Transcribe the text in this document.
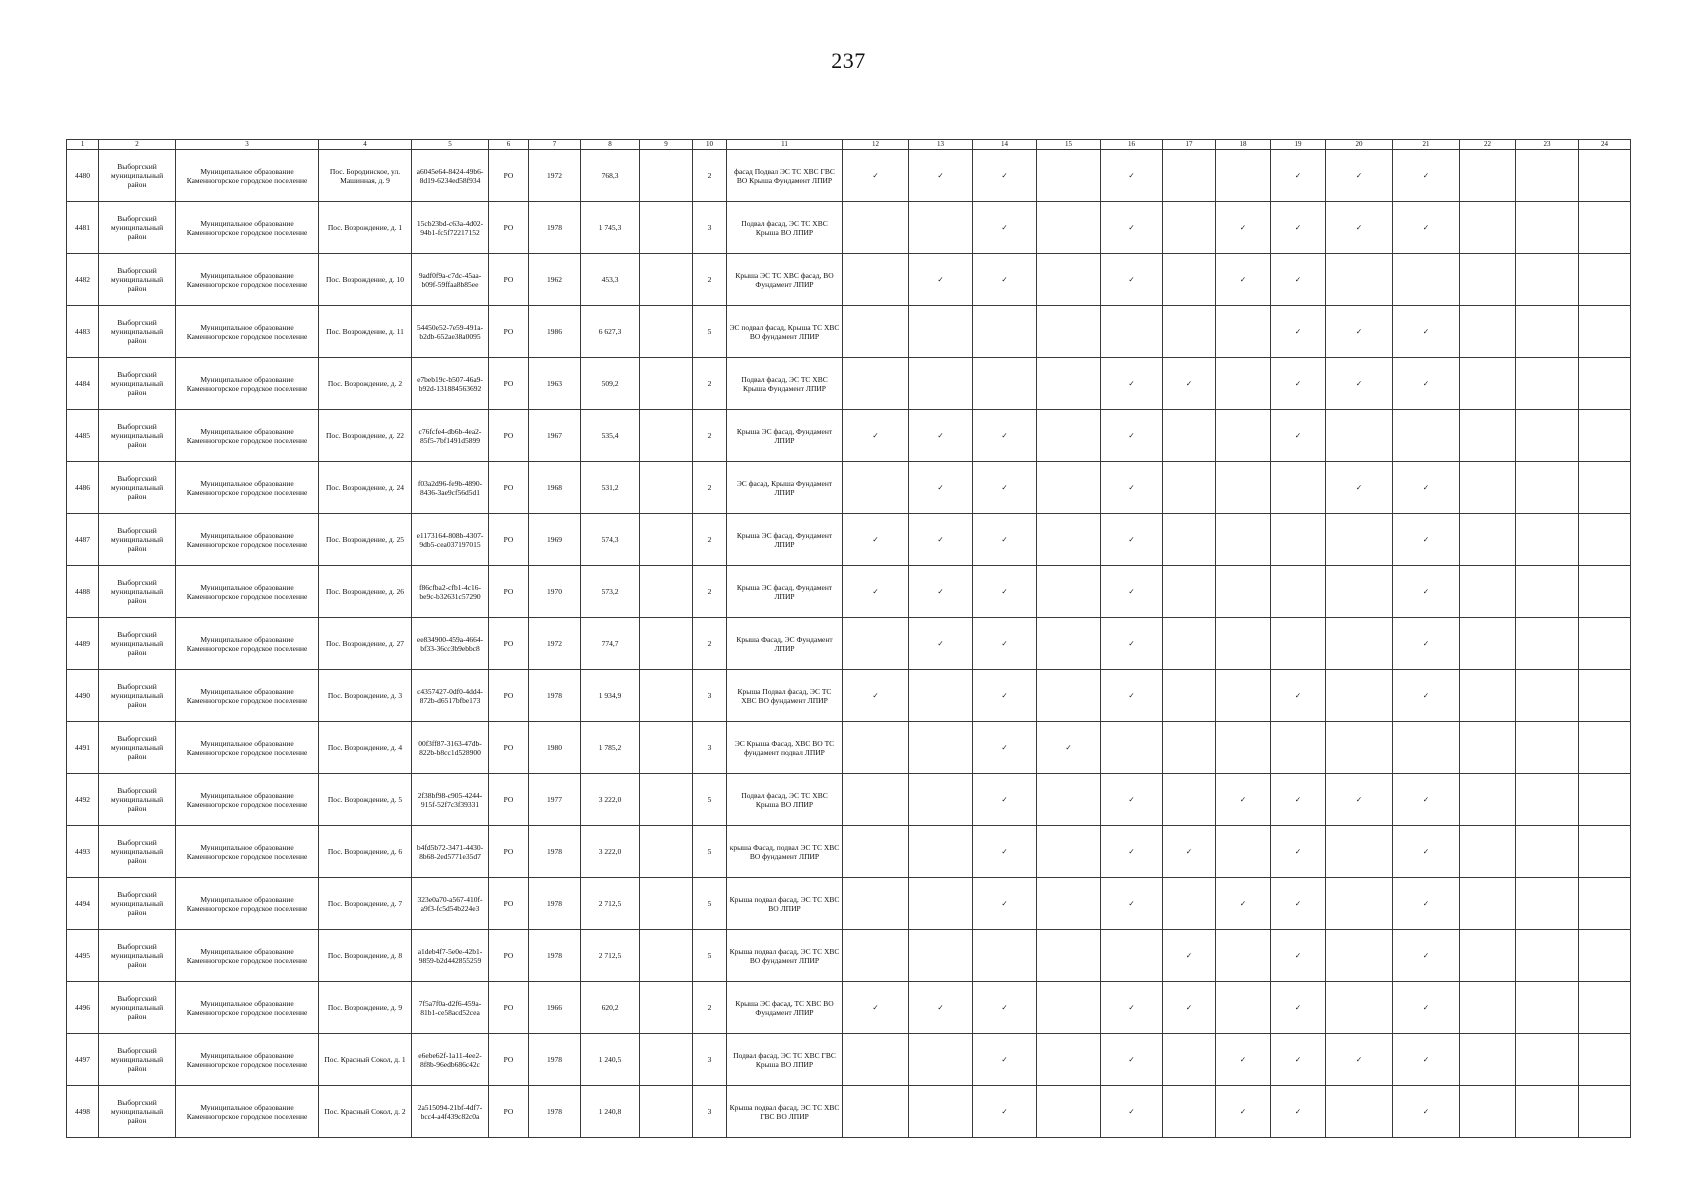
237
1	2	3	4	5	6	7	8	9	10	11	12	13	14	15	16	17	18	19	20	21	22	23	24
4480	Выборгский муниципальный район	Муниципальное образование Каменногорское городское поселение	Пос. Бородинское, ул. Машинная, д. 9	a6045e64-8424-49b6-8d19-6234ed58f934	РО	1972	768,3		2	фасад Подвал ЭС ТС ХВС ГВС ВО Крыша Фундамент ЛПИР	✓	✓	✓		✓			✓	✓	✓			
4481	Выборгский муниципальный район	Муниципальное образование Каменногорское городское поселение	Пос. Возрождение, д. 1	15cb23bd-c63a-4d02-94b1-fc5f72217152	РО	1978	1 745,3		3	Подвал фасад, ЭС ТС ХВС Крыша ВО ЛПИР			✓		✓		✓	✓	✓	✓			
4482	Выборгский муниципальный район	Муниципальное образование Каменногорское городское поселение	Пос. Возрождение, д. 10	9adf0f9a-c7dc-45aa-b09f-59ffaa8b85ee	РО	1962	453,3		2	Крыша ЭС ТС ХВС фасад, ВО Фундамент ЛПИР		✓	✓		✓		✓	✓					
4483	Выборгский муниципальный район	Муниципальное образование Каменногорское городское поселение	Пос. Возрождение, д. 11	54450e52-7e59-491a-b2db-652ae38a0095	РО	1986	6 627,3		5	ЭС подвал фасад, Крыша ТС ХВС ВО фундамент ЛПИР								✓	✓	✓			
4484	Выборгский муниципальный район	Муниципальное образование Каменногорское городское поселение	Пос. Возрождение, д. 2	e7beb19c-b507-46a9-b92d-131884563692	РО	1963	509,2		2	Подвал фасад, ЭС ТС ХВС Крыша Фундамент ЛПИР					✓	✓		✓	✓	✓			
4485	Выборгский муниципальный район	Муниципальное образование Каменногорское городское поселение	Пос. Возрождение, д. 22	c76fcfe4-db6b-4ea2-85f5-7bf1491d5899	РО	1967	535,4		2	Крыша ЭС фасад, Фундамент ЛПИР	✓	✓	✓		✓			✓					
4486	Выборгский муниципальный район	Муниципальное образование Каменногорское городское поселение	Пос. Возрождение, д. 24	f03a2d96-fe9b-4890-8436-3ae9cf56d5d1	РО	1968	531,2		2	ЭС фасад, Крыша Фундамент ЛПИР		✓	✓		✓				✓	✓			
4487	Выборгский муниципальный район	Муниципальное образование Каменногорское городское поселение	Пос. Возрождение, д. 25	e1173164-808b-4307-9db5-cea037197015	РО	1969	574,3		2	Крыша ЭС фасад, Фундамент ЛПИР	✓	✓	✓		✓					✓			
4488	Выборгский муниципальный район	Муниципальное образование Каменногорское городское поселение	Пос. Возрождение, д. 26	f86cfba2-cfb1-4c16-be9c-b32631c57290	РО	1970	573,2		2	Крыша ЭС фасад, Фундамент ЛПИР	✓	✓	✓		✓					✓			
4489	Выборгский муниципальный район	Муниципальное образование Каменногорское городское поселение	Пос. Возрождение, д. 27	ee834900-459a-4664-bf33-36cc3b9ebbc8	РО	1972	774,7		2	Крыша Фасад, ЭС Фундамент ЛПИР		✓	✓		✓					✓			
4490	Выборгский муниципальный район	Муниципальное образование Каменногорское городское поселение	Пос. Возрождение, д. 3	c4357427-0df0-4dd4-872b-d6517bfbe173	РО	1978	1 934,9		3	Крыша Подвал фасад, ЭС ТС ХВС ВО фундамент ЛПИР	✓		✓		✓			✓		✓			
4491	Выборгский муниципальный район	Муниципальное образование Каменногорское городское поселение	Пос. Возрождение, д. 4	00f3ff87-3163-47db-822b-b8cc1d528900	РО	1980	1 785,2		3	ЭС Крыша Фасад, ХВС ВО ТС фундамент подвал ЛПИР			✓	✓									
4492	Выборгский муниципальный район	Муниципальное образование Каменногорское городское поселение	Пос. Возрождение, д. 5	2f38bf98-c905-4244-915f-52f7c3f39331	РО	1977	3 222,0		5	Подвал фасад, ЭС ТС ХВС Крыша ВО ЛПИР			✓		✓		✓	✓	✓	✓			
4493	Выборгский муниципальный район	Муниципальное образование Каменногорское городское поселение	Пос. Возрождение, д. 6	b4fd5b72-3471-4430-8b68-2ed5771e35d7	РО	1978	3 222,0		5	крыша Фасад, подвал ЭС ТС ХВС ВО фундамент ЛПИР			✓		✓	✓		✓		✓			
4494	Выборгский муниципальный район	Муниципальное образование Каменногорское городское поселение	Пос. Возрождение, д. 7	323e0a70-a567-410f-a9f3-fc5d54b224e3	РО	1978	2 712,5		5	Крыша подвал фасад, ЭС ТС ХВС ВО ЛПИР			✓		✓		✓	✓		✓			
4495	Выборгский муниципальный район	Муниципальное образование Каменногорское городское поселение	Пос. Возрождение, д. 8	a1deb4f7-5e0e-42b1-9859-b2d442855259	РО	1978	2 712,5		5	Крыша подвал фасад, ЭС ТС ХВС ВО фундамент ЛПИР						✓		✓		✓			
4496	Выборгский муниципальный район	Муниципальное образование Каменногорское городское поселение	Пос. Возрождение, д. 9	7f5a7f0a-d2f6-459a-81b1-ce58acd52cea	РО	1966	620,2		2	Крыша ЭС фасад, ТС ХВС ВО Фундамент ЛПИР	✓	✓	✓		✓	✓		✓		✓			
4497	Выборгский муниципальный район	Муниципальное образование Каменногорское городское поселение	Пос. Красный Сокол, д. 1	e6ebe62f-1a11-4ee2-8f8b-96edb686c42c	РО	1978	1 240,5		3	Подвал фасад, ЭС ТС ХВС ГВС Крыша ВО ЛПИР			✓		✓		✓	✓	✓	✓			
4498	Выборгский муниципальный район	Муниципальное образование Каменногорское городское поселение	Пос. Красный Сокол, д. 2	2a515094-21bf-4df7-bcc4-a4f439c82c0a	РО	1978	1 240,8		3	Крыша подвал фасад, ЭС ТС ХВС ГВС ВО ЛПИР			✓		✓		✓	✓		✓			
